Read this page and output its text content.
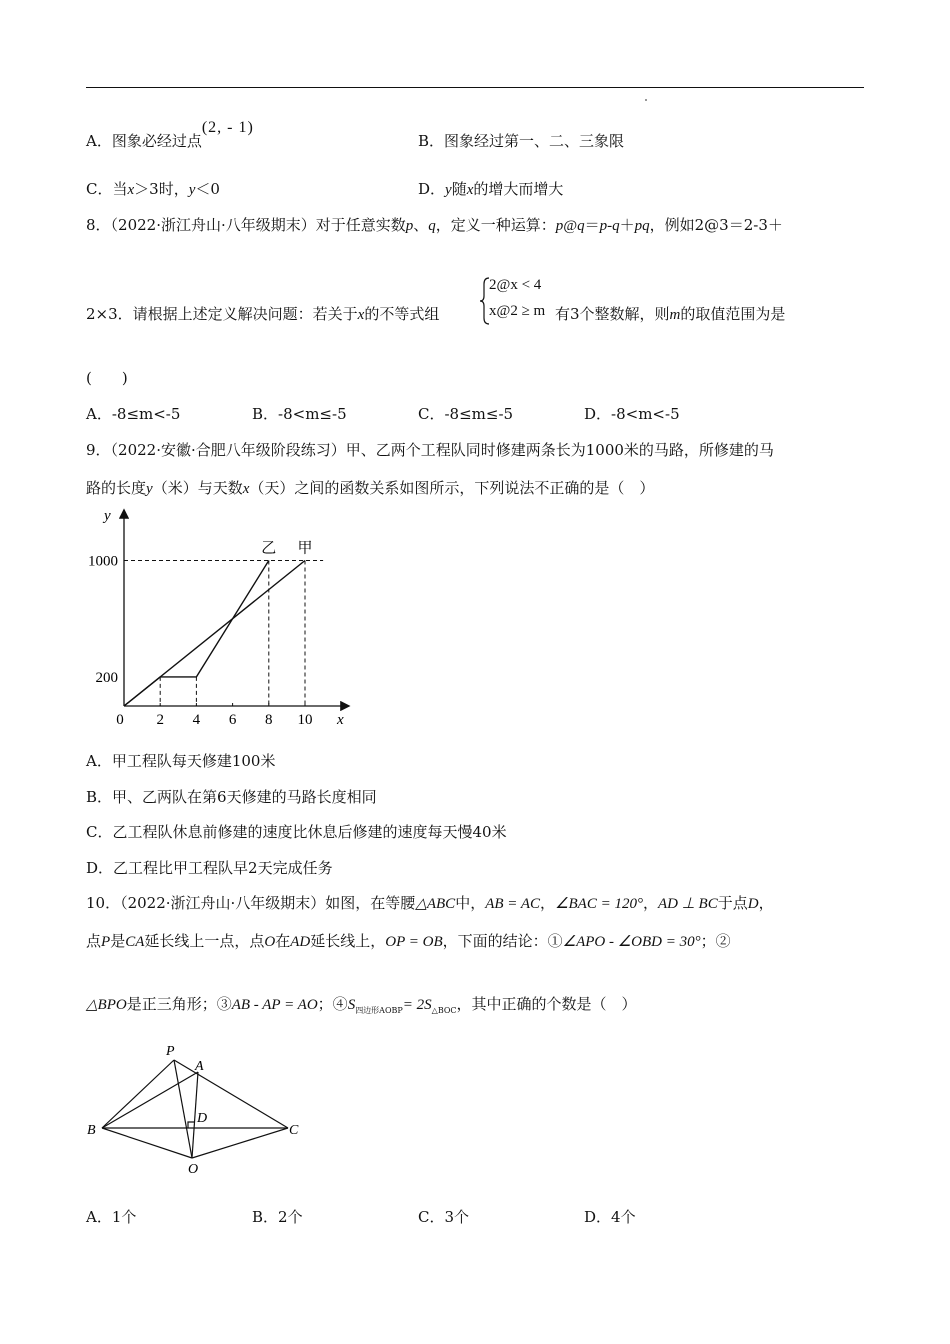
A．图象必经过点(2, - 1)
B．图象经过第一、二、三象限
C．当x＞3时，y＜0	D．y随x的增大而增大
8．（2022·浙江舟山·八年级期末）对于任意实数p、q，定义一种运算：p@q＝p-q＋pq，例如2@3＝2-3＋
2×3．请根据上述定义解决问题：若关于x的不等式组
2@x < 4
x@2 ≥ m 有3个整数解，则m的取值范围为是
(　　)
A．-8≤m<-5	B．-8<m≤-5	C．-8≤m≤-5	D．-8<m<-5
9．（2022·安徽·合肥八年级阶段练习）甲、乙两个工程队同时修建两条长为1000米的马路，所修建的马
路的长度y（米）与天数x（天）之间的函数关系如图所示，下列说法不正确的是（　）
甲
乙
200
1000
2 4 6 8 10 x
y
0
A．甲工程队每天修建100米
B．甲、乙两队在第6天修建的马路长度相同
C．乙工程队休息前修建的速度比休息后修建的速度每天慢40米
D．乙工程比甲工程队早2天完成任务
10．（2022·浙江舟山·八年级期末）如图，在等腰△ABC中，AB = AC，∠BAC = 120°，AD ⊥ BC于点D，
点P是CA延长线上一点，点O在AD延长线上，OP = OB，下面的结论：①∠APO - ∠OBD = 30°；②
△BPO是正三角形；③AB - AP = AO；$④S_{四边形AOBP}= 2S_{\triangle BOC}$，其中正确的个数是（　）
P
A
B	C
D
O
A．1个	B．2个	C．3个	D．4个
